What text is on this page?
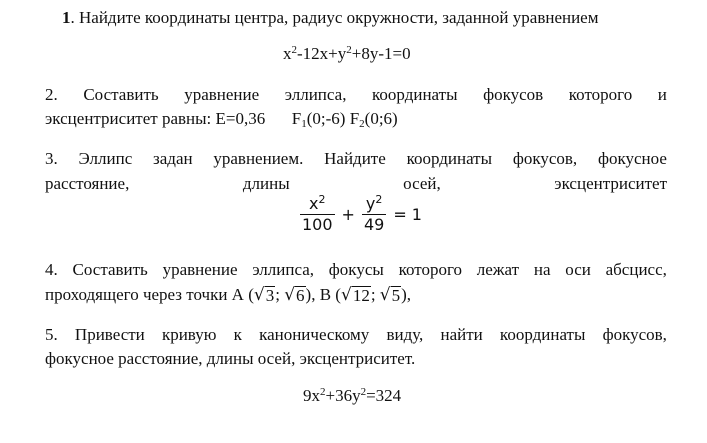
1. Найдите координаты центра, радиус окружности, заданной уравнением
$x^2-12x+y^2+8y-1=0$
2. Составить уравнение эллипса, координаты фокусов которого и
эксцентриситет равны: E=0,36 $F_1(0;-6)$ $F_2(0;6)$
3. Эллипс задан уравнением. Найдите координаты фокусов, фокусное
расстояние,	длины	осей,	эксцентриситет
$\frac{x^2}{100} + \frac{y^2}{49} = 1$
4. Составить уравнение эллипса, фокусы которого лежат на оси абсцисс,
проходящего через точки А ( √ 3 ; √ 6 ), В ( √ 12 ; √ 5 ),
5. Привести кривую к каноническому виду, найти координаты фокусов,
фокусное расстояние, длины осей, эксцентриситет.
$9x^2+36y^2=324$
